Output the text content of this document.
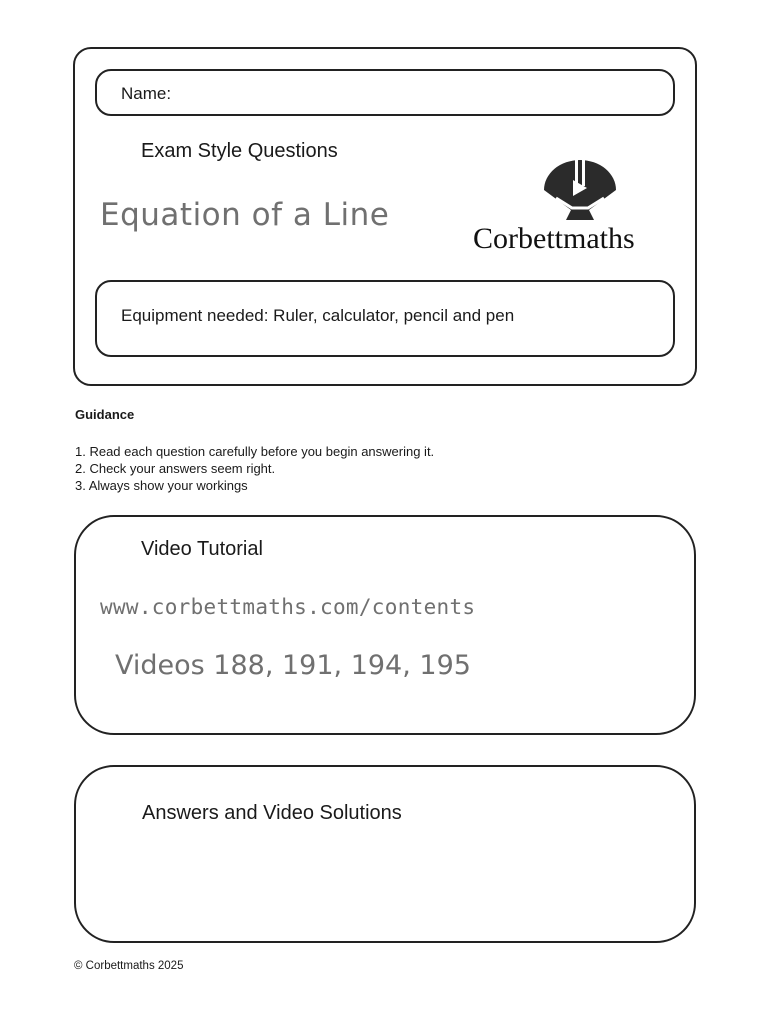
Name:
Exam Style Questions
Equation of a Line
Corbettmaths
Equipment needed: Ruler, calculator, pencil and pen
Guidance
1. Read each question carefully before you begin answering it.
2. Check your answers seem right.
3. Always show your workings
Video Tutorial
www.corbettmaths.com/contents
Videos 188, 191, 194, 195
Answers and Video Solutions
© Corbettmaths 2025
